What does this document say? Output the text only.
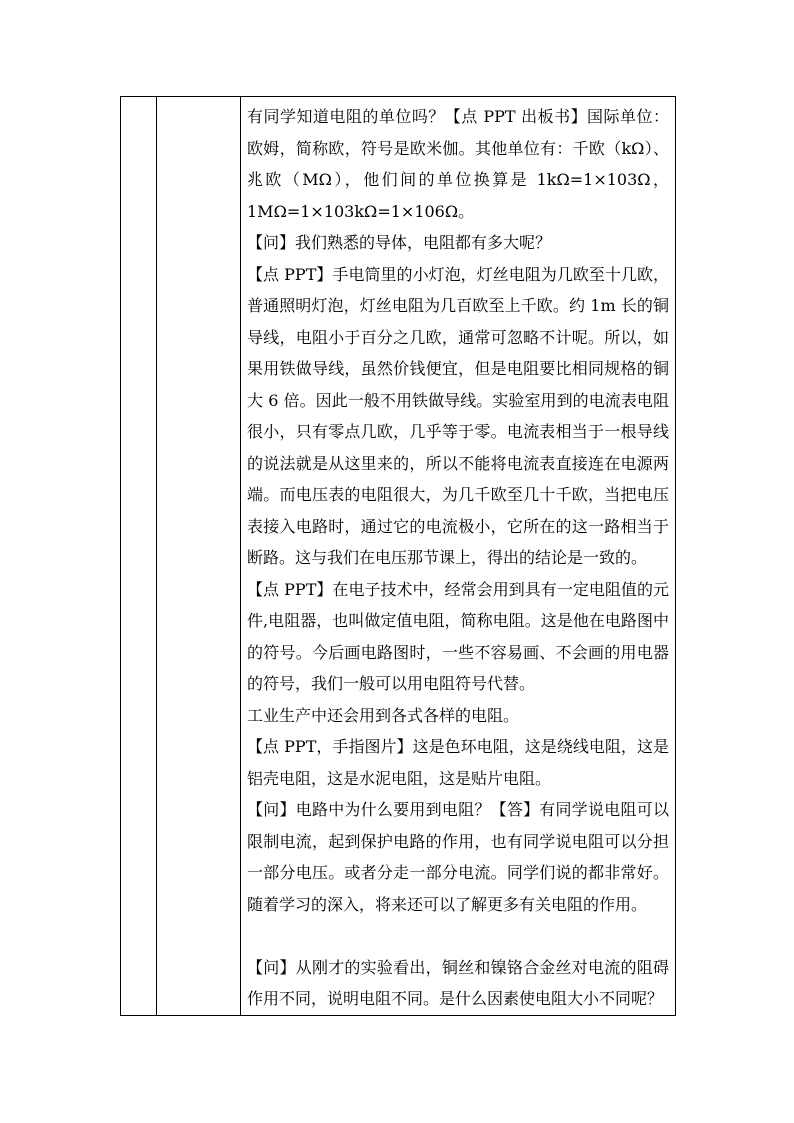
有同学知道电阻的单位吗？【点 PPT 出板书】国际单位：欧姆，简称欧，符号是欧米伽。其他单位有：千欧（kΩ）、兆欧（MΩ），他们间的单位换算是 1kΩ=1×103Ω，1MΩ=1×103kΩ=1×106Ω。

【问】我们熟悉的导体，电阻都有多大呢？

【点 PPT】手电筒里的小灯泡，灯丝电阻为几欧至十几欧，普通照明灯泡，灯丝电阻为几百欧至上千欧。约 1m 长的铜导线，电阻小于百分之几欧，通常可忽略不计呢。所以，如果用铁做导线，虽然价钱便宜，但是电阻要比相同规格的铜大 6 倍。因此一般不用铁做导线。实验室用到的电流表电阻很小，只有零点几欧，几乎等于零。电流表相当于一根导线的说法就是从这里来的，所以不能将电流表直接连在电源两端。而电压表的电阻很大，为几千欧至几十千欧，当把电压表接入电路时，通过它的电流极小，它所在的这一路相当于断路。这与我们在电压那节课上，得出的结论是一致的。

【点 PPT】在电子技术中，经常会用到具有一定电阻值的元件,电阻器，也叫做定值电阻，简称电阻。这是他在电路图中的符号。今后画电路图时，一些不容易画、不会画的用电器的符号，我们一般可以用电阻符号代替。

工业生产中还会用到各式各样的电阻。

【点 PPT，手指图片】这是色环电阻，这是绕线电阻，这是铝壳电阻，这是水泥电阻，这是贴片电阻。

【问】电路中为什么要用到电阻？【答】有同学说电阻可以限制电流，起到保护电路的作用，也有同学说电阻可以分担一部分电压。或者分走一部分电流。同学们说的都非常好。随着学习的深入，将来还可以了解更多有关电阻的作用。

【问】从刚才的实验看出，铜丝和镍铬合金丝对电流的阻碍作用不同，说明电阻不同。是什么因素使电阻大小不同呢？
